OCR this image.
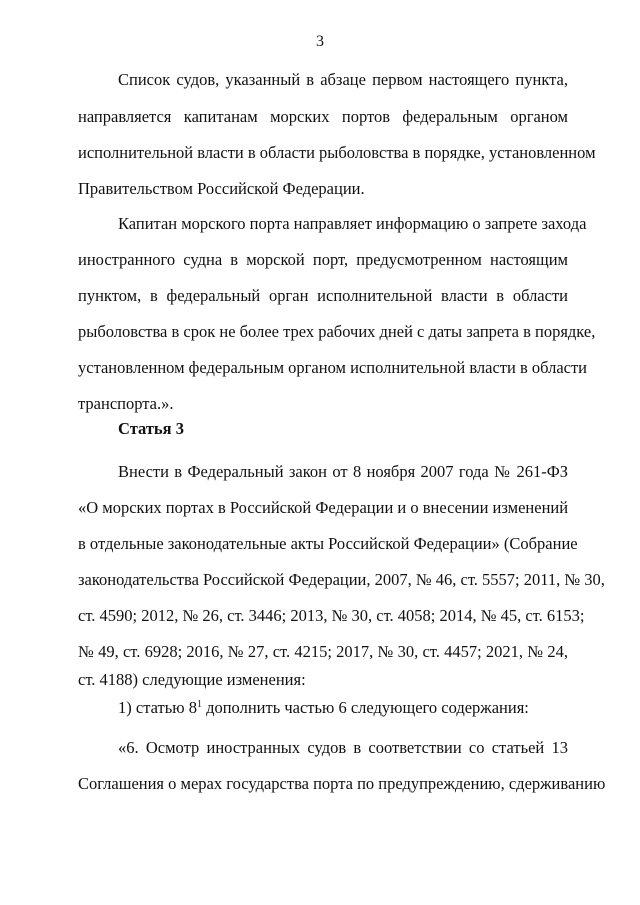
3
Список судов, указанный в абзаце первом настоящего пункта,
направляется капитанам морских портов федеральным органом
исполнительной власти в области рыболовства в порядке, установленном
Правительством Российской Федерации.
Капитан морского порта направляет информацию о запрете захода
иностранного судна в морской порт, предусмотренном настоящим
пунктом, в федеральный орган исполнительной власти в области
рыболовства в срок не более трех рабочих дней с даты запрета в порядке,
установленном федеральным органом исполнительной власти в области
транспорта.».
Статья 3
Внести в Федеральный закон от 8 ноября 2007 года № 261-ФЗ
«О морских портах в Российской Федерации и о внесении изменений
в отдельные законодательные акты Российской Федерации» (Собрание
законодательства Российской Федерации, 2007, № 46, ст. 5557; 2011, № 30,
ст. 4590; 2012, № 26, ст. 3446; 2013, № 30, ст. 4058; 2014, № 45, ст. 6153;
№ 49, ст. 6928; 2016, № 27, ст. 4215; 2017, № 30, ст. 4457; 2021, № 24,
ст. 4188) следующие изменения:
1) статью $8^1$ дополнить частью 6 следующего содержания:
«6. Осмотр иностранных судов в соответствии со статьей 13
Соглашения о мерах государства порта по предупреждению, сдерживанию
